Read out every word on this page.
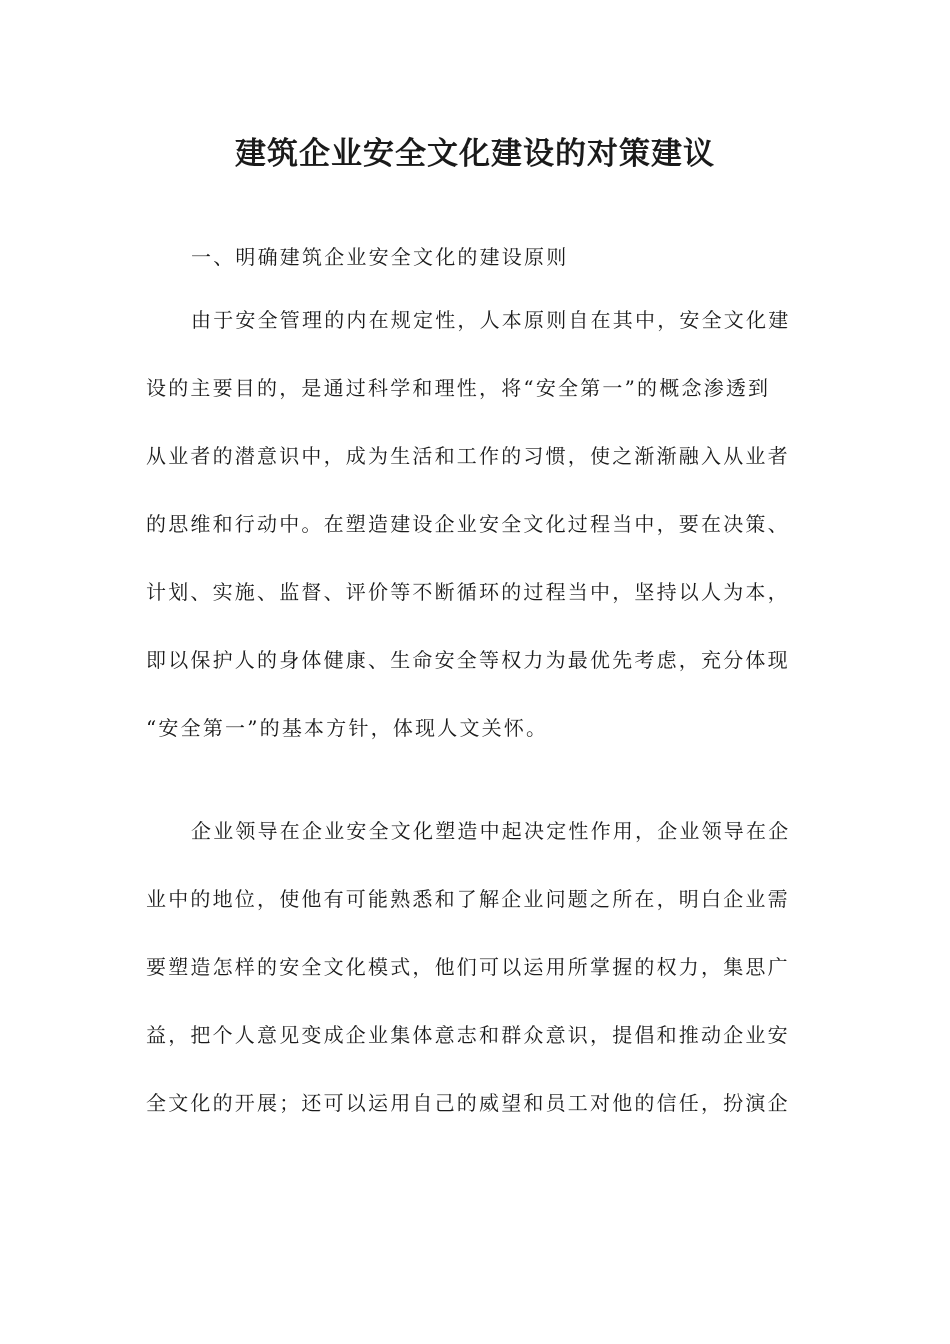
建筑企业安全文化建设的对策建议

一、明确建筑企业安全文化的建设原则

由于安全管理的内在规定性，人本原则自在其中，安全文化建

设的主要目的，是通过科学和理性，将“安全第一”的概念渗透到

从业者的潜意识中，成为生活和工作的习惯，使之渐渐融入从业者

的思维和行动中。在塑造建设企业安全文化过程当中，要在决策、

计划、实施、监督、评价等不断循环的过程当中，坚持以人为本，

即以保护人的身体健康、生命安全等权力为最优先考虑，充分体现

“安全第一”的基本方针，体现人文关怀。

企业领导在企业安全文化塑造中起决定性作用，企业领导在企

业中的地位，使他有可能熟悉和了解企业问题之所在，明白企业需

要塑造怎样的安全文化模式，他们可以运用所掌握的权力，集思广

益，把个人意见变成企业集体意志和群众意识，提倡和推动企业安

全文化的开展；还可以运用自己的威望和员工对他的信任，扮演企
